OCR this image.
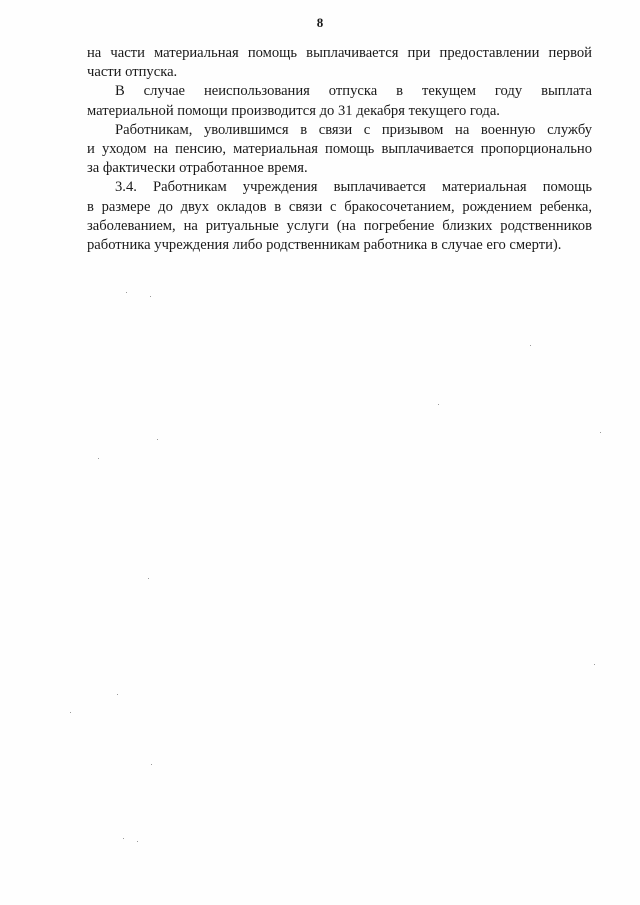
8
на части материальная помощь выплачивается при предоставлении первой
части отпуска.
В случае неиспользования отпуска в текущем году выплата
материальной помощи производится до 31 декабря текущего года.
Работникам, уволившимся в связи с призывом на военную службу
и уходом на пенсию, материальная помощь выплачивается пропорционально
за фактически отработанное время.
3.4. Работникам учреждения выплачивается материальная помощь
в размере до двух окладов в связи с бракосочетанием, рождением ребенка,
заболеванием, на ритуальные услуги (на погребение близких родственников
работника учреждения либо родственникам работника в случае его смерти).
